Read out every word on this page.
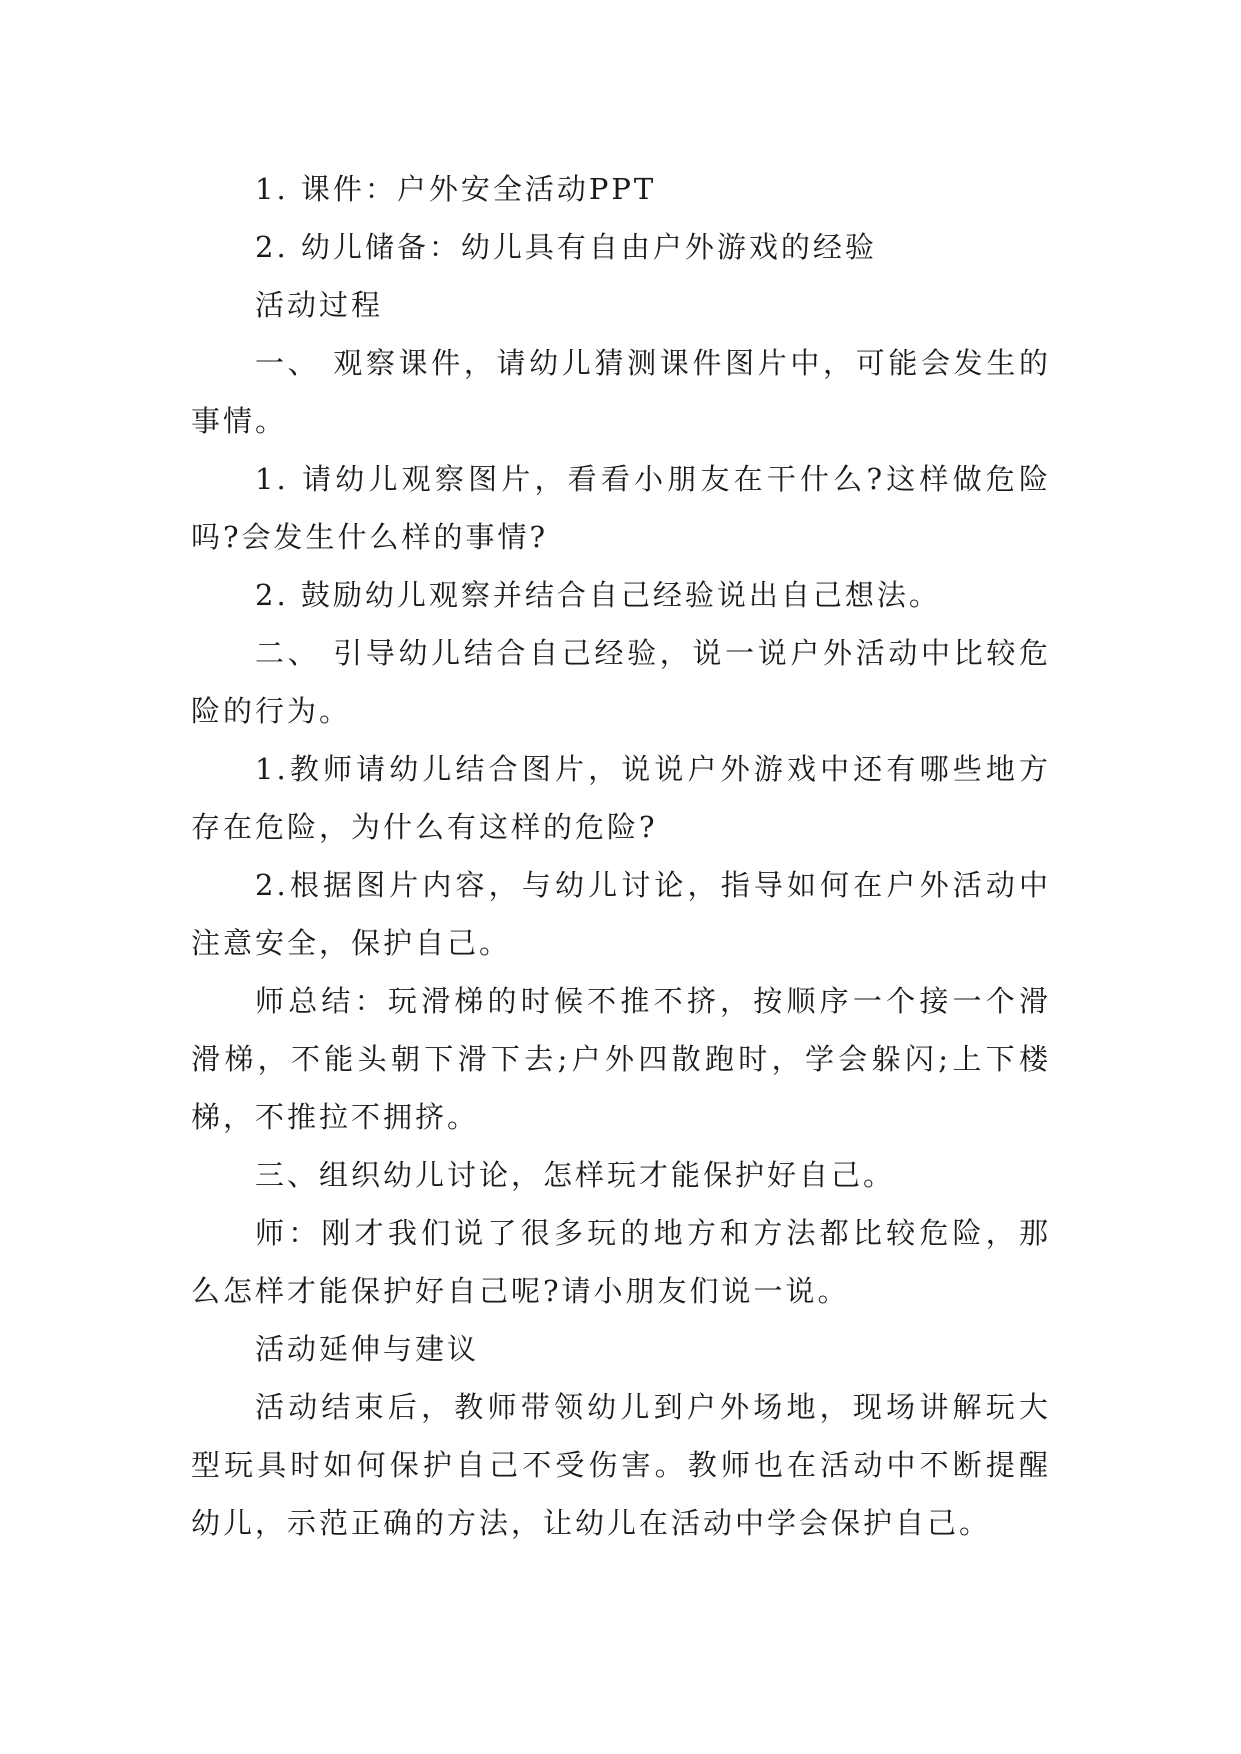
1. 课件：户外安全活动PPT

2. 幼儿储备：幼儿具有自由户外游戏的经验

活动过程

一、 观察课件，请幼儿猜测课件图片中，可能会发生的事情。

1. 请幼儿观察图片，看看小朋友在干什么?这样做危险吗?会发生什么样的事情?

2. 鼓励幼儿观察并结合自己经验说出自己想法。

二、 引导幼儿结合自己经验，说一说户外活动中比较危险的行为。

1.教师请幼儿结合图片，说说户外游戏中还有哪些地方存在危险，为什么有这样的危险?

2.根据图片内容，与幼儿讨论，指导如何在户外活动中注意安全，保护自己。

师总结：玩滑梯的时候不推不挤，按顺序一个接一个滑滑梯，不能头朝下滑下去;户外四散跑时，学会躲闪;上下楼梯，不推拉不拥挤。

三、组织幼儿讨论，怎样玩才能保护好自己。

师：刚才我们说了很多玩的地方和方法都比较危险，那么怎样才能保护好自己呢?请小朋友们说一说。

活动延伸与建议

活动结束后，教师带领幼儿到户外场地，现场讲解玩大型玩具时如何保护自己不受伤害。教师也在活动中不断提醒幼儿，示范正确的方法，让幼儿在活动中学会保护自己。
